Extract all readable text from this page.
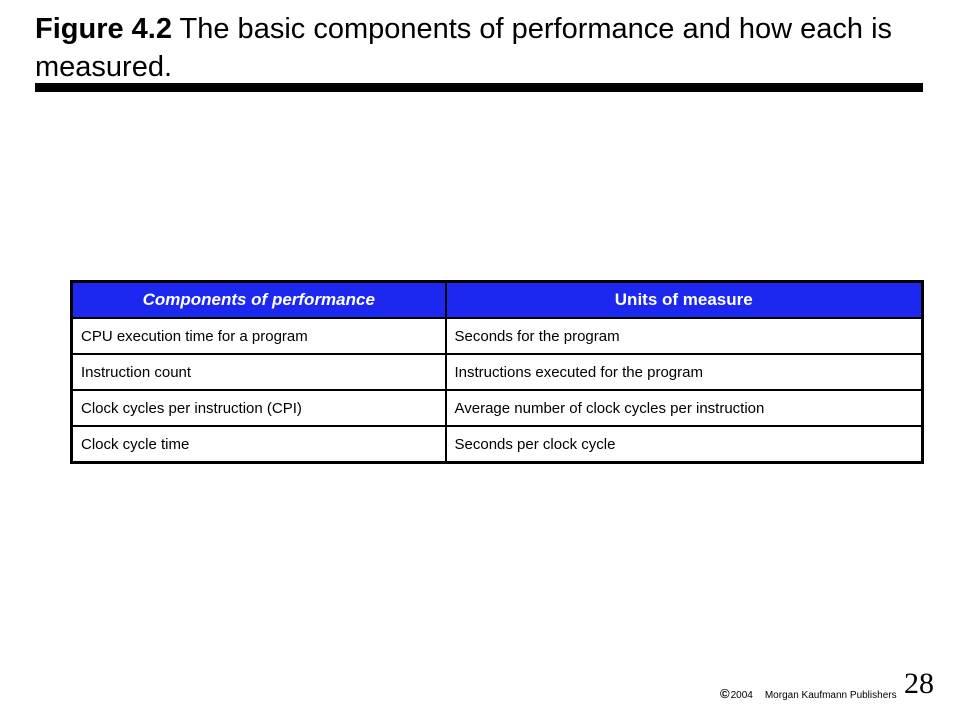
Figure 4.2 The basic components of performance and how each is measured.
Components of performance	Units of measure
CPU execution time for a program	Seconds for the program
Instruction count	Instructions executed for the program
Clock cycles per instruction (CPI)	Average number of clock cycles per instruction
Clock cycle time	Seconds per clock cycle
©2004 Morgan Kaufmann Publishers 28
